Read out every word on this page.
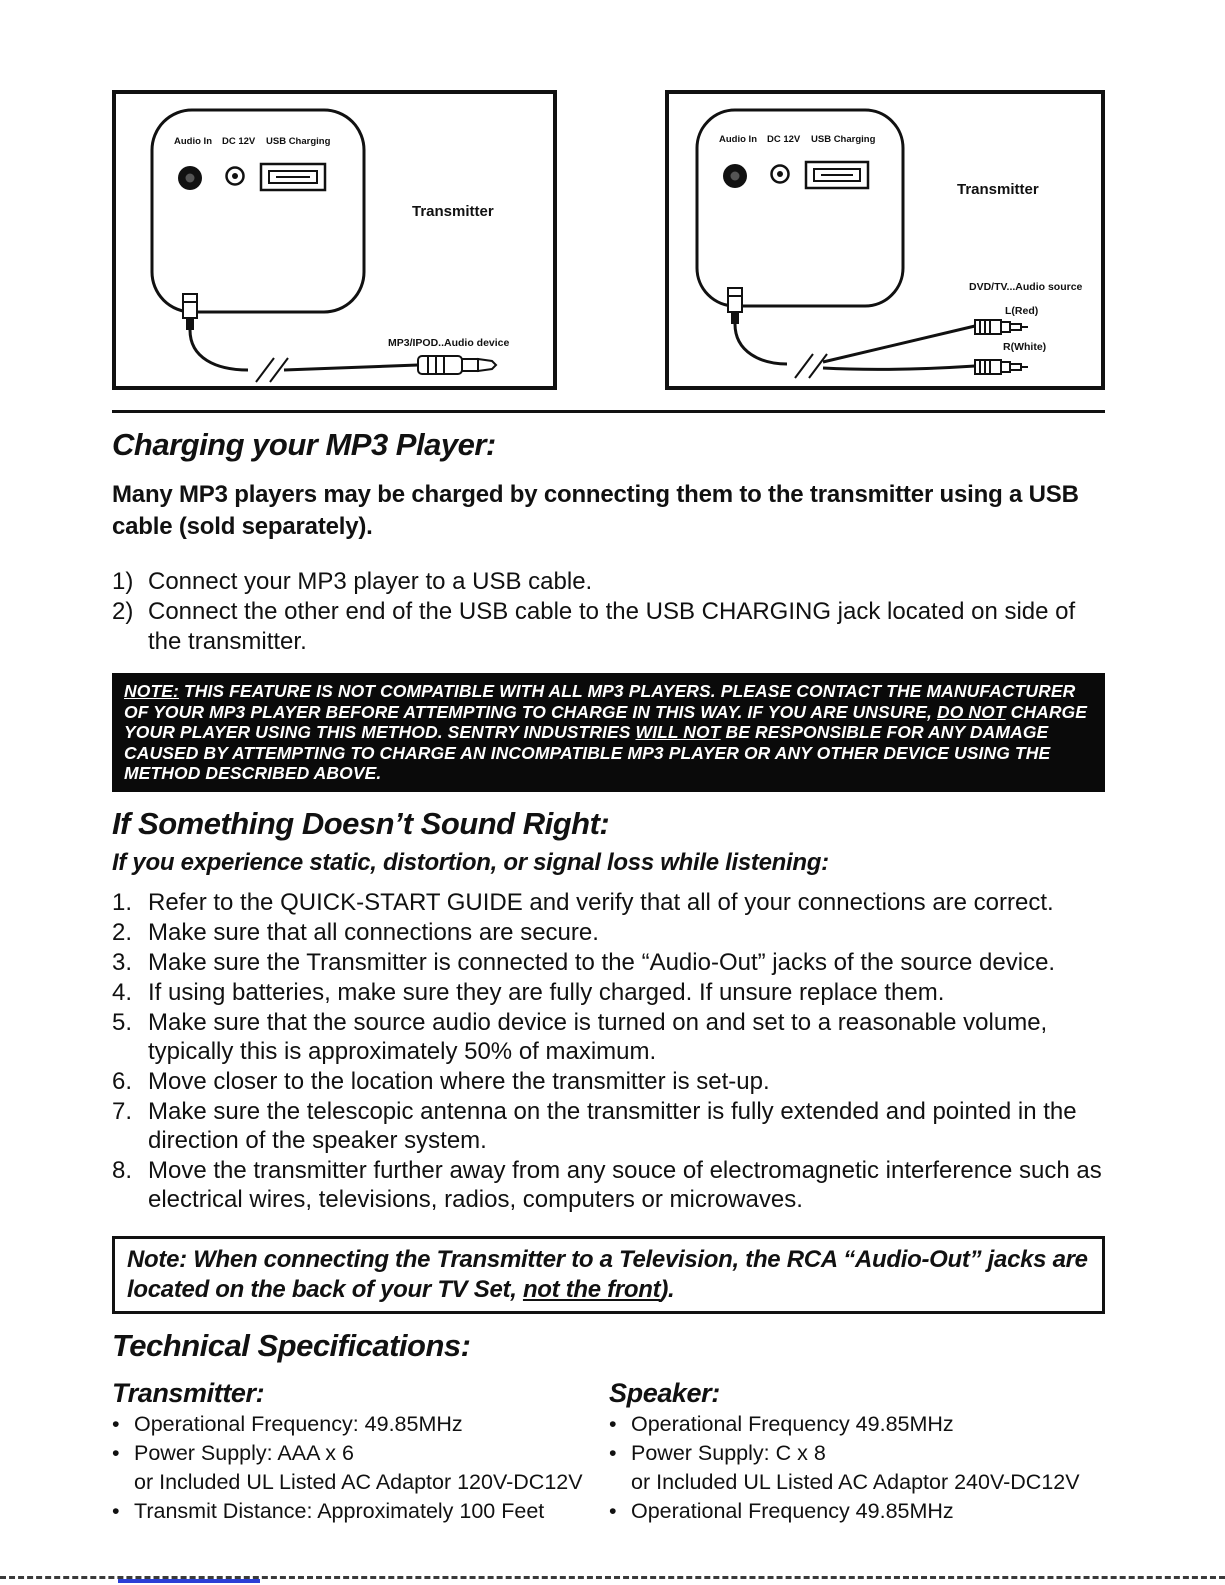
Audio In DC 12V USB Charging
Transmitter
MP3/IPOD..Audio device
Audio In DC 12V USB Charging
Transmitter
DVD/TV...Audio source
L(Red)
R(White)
Charging your MP3 Player:

Many MP3 players may be charged by connecting them to the transmitter using a USB cable (sold separately).

1) Connect your MP3 player to a USB cable.
2) Connect the other end of the USB cable to the USB CHARGING jack located on side of the transmitter.
NOTE: THIS FEATURE IS NOT COMPATIBLE WITH ALL MP3 PLAYERS. PLEASE CONTACT THE MANUFACTURER OF YOUR MP3 PLAYER BEFORE ATTEMPTING TO CHARGE IN THIS WAY. IF YOU ARE UNSURE, DO NOT CHARGE YOUR PLAYER USING THIS METHOD. SENTRY INDUSTRIES WILL NOT BE RESPONSIBLE FOR ANY DAMAGE CAUSED BY ATTEMPTING TO CHARGE AN INCOMPATIBLE MP3 PLAYER OR ANY OTHER DEVICE USING THE METHOD DESCRIBED ABOVE.
If Something Doesn’t Sound Right:
If you experience static, distortion, or signal loss while listening:
1. Refer to the QUICK-START GUIDE and verify that all of your connections are correct.
2. Make sure that all connections are secure.
3. Make sure the Transmitter is connected to the “Audio-Out” jacks of the source device.
4. If using batteries, make sure they are fully charged. If unsure replace them.
5. Make sure that the source audio device is turned on and set to a reasonable volume, typically this is approximately 50% of maximum.
6. Move closer to the location where the transmitter is set-up.
7. Make sure the telescopic antenna on the transmitter is fully extended and pointed in the direction of the speaker system.
8. Move the transmitter further away from any souce of electromagnetic interference such as electrical wires, televisions, radios, computers or microwaves.
Note: When connecting the Transmitter to a Television, the RCA “Audio-Out” jacks are located on the back of your TV Set, not the front).
Technical Specifications:
Transmitter:
• Operational Frequency: 49.85MHz
• Power Supply: AAA x 6
or Included UL Listed AC Adaptor 120V-DC12V
• Transmit Distance: Approximately 100 Feet
Speaker:
• Operational Frequency 49.85MHz
• Power Supply: C x 8
or Included UL Listed AC Adaptor 240V-DC12V
• Operational Frequency 49.85MHz
